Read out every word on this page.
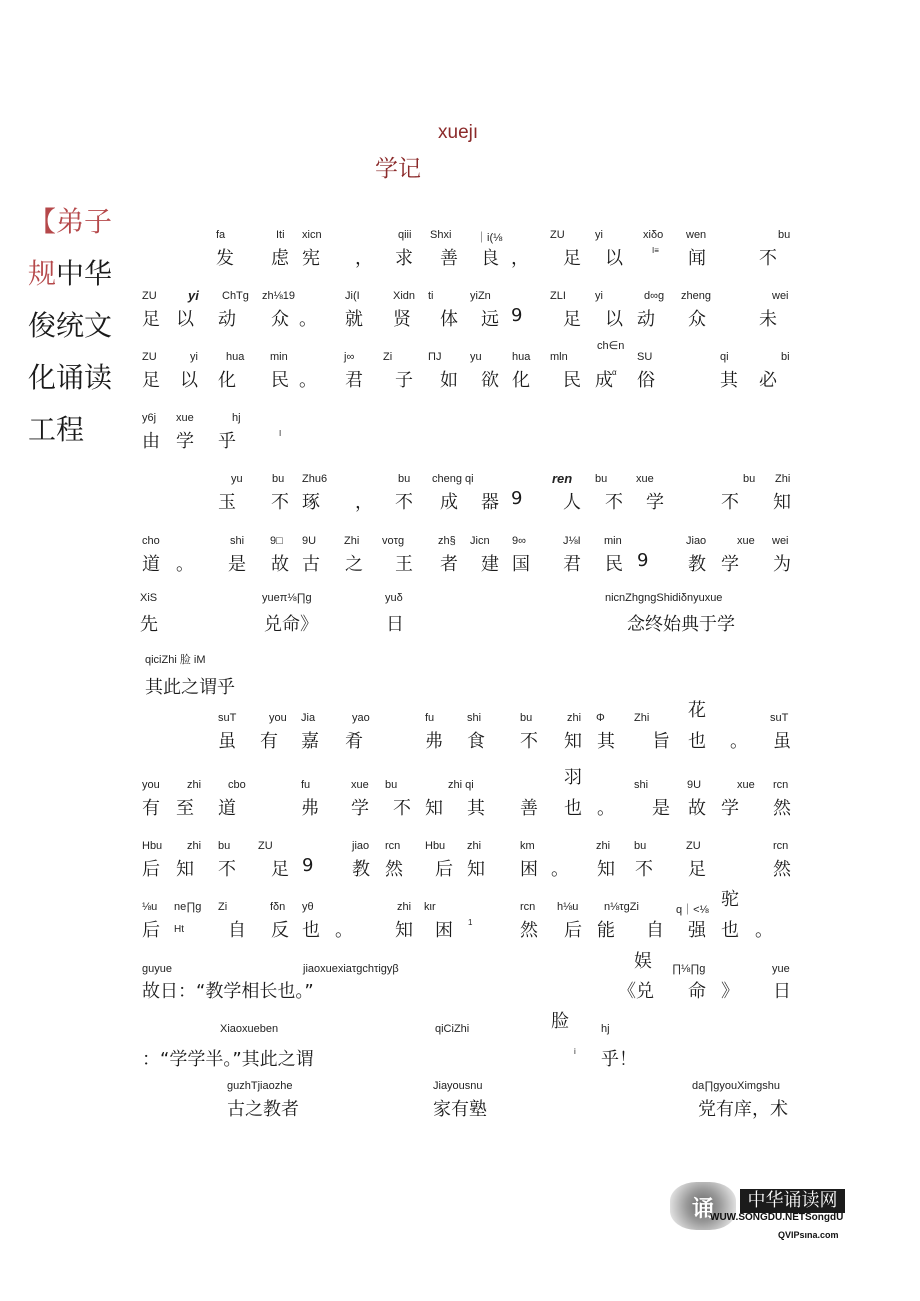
xuejı
学记
【弟子
规中华
俊统文
化诵读
工程
fa	Iti xicn	qiii Shxi ｜i(⅛	ZU	yi	xiδo wen	bu
发 虑 宪 ， 求 善 良 ， 足 以	闻	不
I≡
ZU	ChTg zh⅛19	Ji(I	Xidn ti	yiZn	ZLI	yi	d∞g zheng	wei
足 以 动 众 。 就 贤 体 远 9 足 以 动 众	未
yi
ZU	yi	hua min	j∞	Zi	ΠJ	yu	hua mln	SU	qi	bi
足 以 化 民 。 君 子 如 欲 化 民 成 俗	其 必
ch∈n
α
y6j xue	hj
由 学 乎	I
yu	bu Zhu6	bu cheng qi	bu	xue	bu Zhi
玉 不 琢 ， 不 成 器 9 人 不 学	不 知
ren
cho	shi 9□ 9U	Zhi voτg	zh§ Jicn 9∞	J⅛I min	Jiao	xue wei
道 。 是 故 古 之 王 者 建 国 君 民 9 教 学 为
XiS	yueπ⅛∏g	yuδ	nicnZhgngShidiδnyuxue
先	兑命》	日	念终始典于学
qiciZhi 脸 iM
其此之谓乎
suT	you Jia	yao	fu	shi	bu	zhi Φ	Zhi	suT
虽 有 嘉 肴	弗 食 不 知 其 旨 也 。 虽
花
you zhi cbo	fu	xue bu	zhi qi	shi	9U	xue rcn
有 至 道	弗 学 不 知 其 善 也 。 是 故 学 然
羽
Hbu zhi bu	ZU	jiao rcn Hbu zhi	km	zhi bu	ZU	rcn
后 知 不 足 9 教 然 后 知 困 。 知 不 足	然
⅛u ne∏g Zi	fδn yθ	zhi kιr	rcn h⅛u n⅛τgZi	q｜<⅛
后	自 反 也 。 知 困	然 后 能 自 强 也 。
Ht
1
驼
guyue	jiaoxuexiaτgchτigyβ	∏⅛∏g	yue
故日：“教学相长也。”	《兑 命 》 日
娱
Xiaoxueben	qiCiZhi	hj
：“学学半。”其此之谓	乎！
脸
i
guzhTjiaozhe	Jiayousnu	da∏gyouXimgshu
古之教者	家有塾	党有庠，术
诵	中华诵读网
WUW.SONGDU.NETSongdU
QVIPsına.com
